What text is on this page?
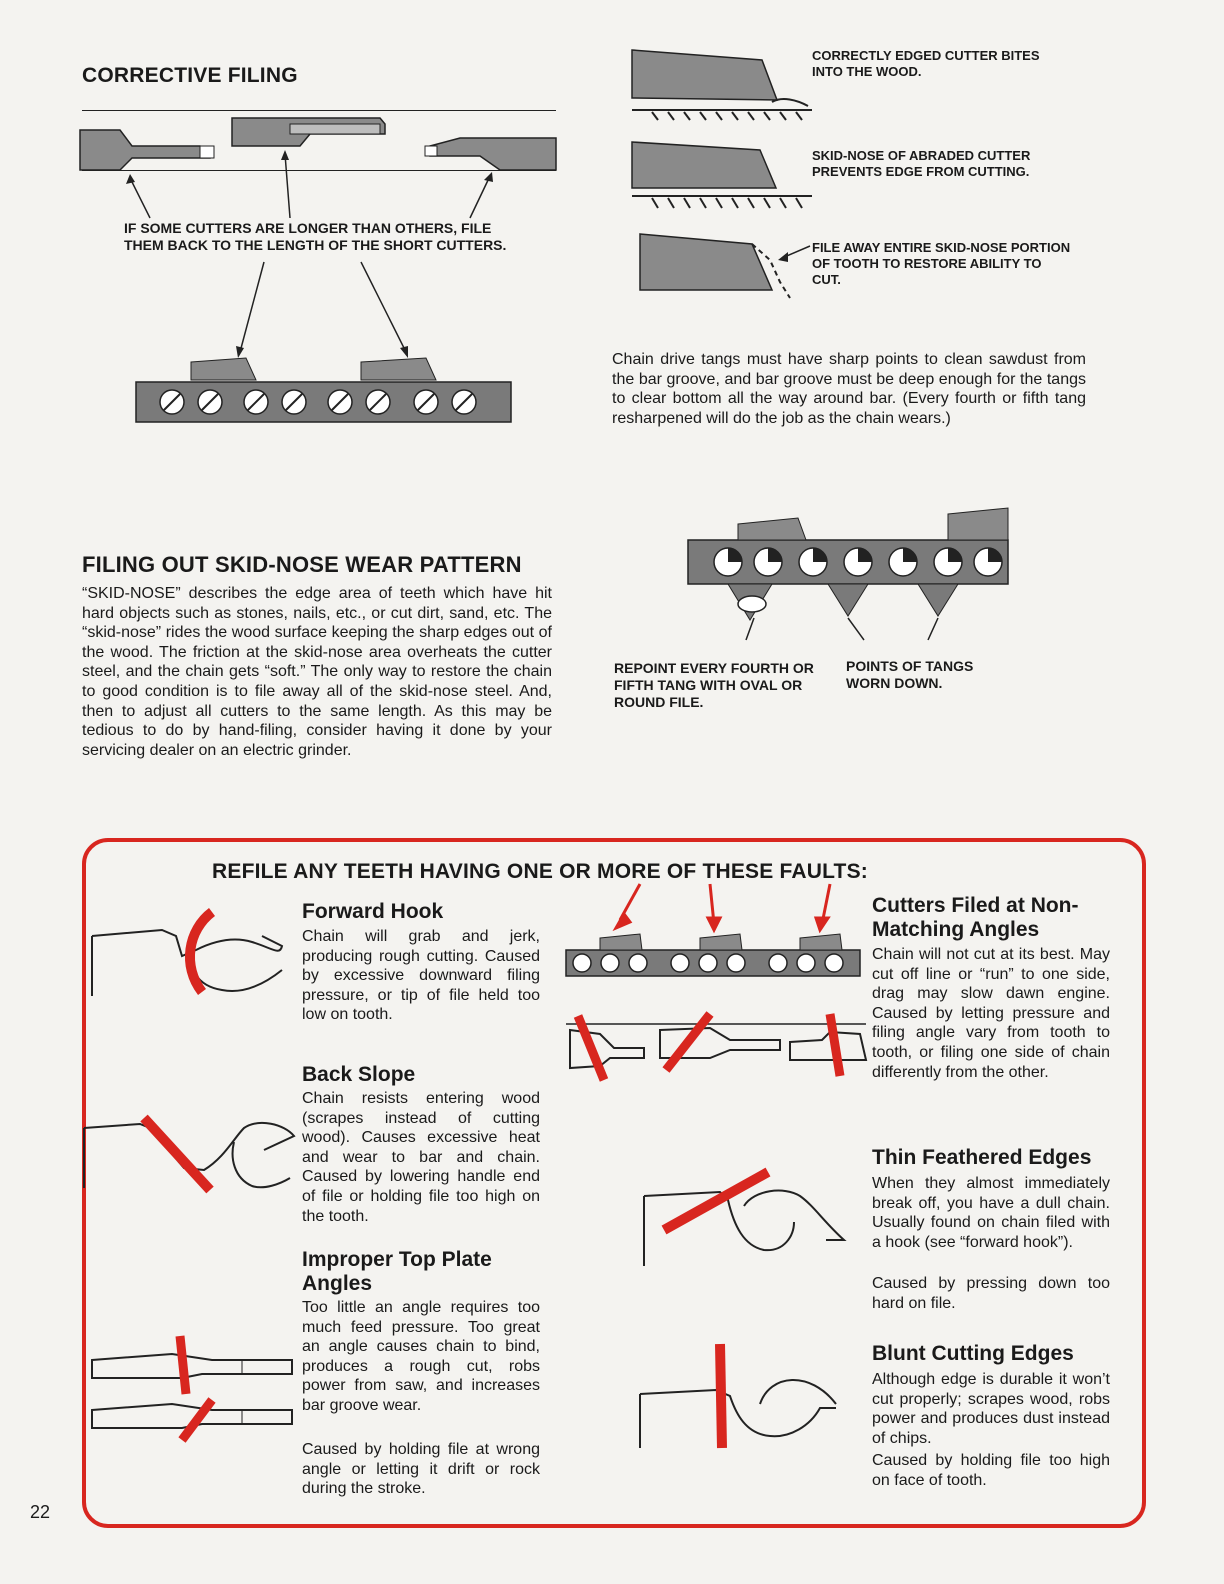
CORRECTIVE FILING
IF SOME CUTTERS ARE LONGER THAN OTHERS, FILE THEM BACK TO THE LENGTH OF THE SHORT CUTTERS.
FILING OUT SKID-NOSE WEAR PATTERN
“SKID-NOSE” describes the edge area of teeth which have hit hard objects such as stones, nails, etc., or cut dirt, sand, etc. The “skid-nose” rides the wood surface keeping the sharp edges out of the wood. The friction at the skid-nose area overheats the cutter steel, and the chain gets “soft.” The only way to restore the chain to good condition is to file away all of the skid-nose steel. And, then to adjust all cutters to the same length. As this may be tedious to do by hand-filing, consider having it done by your servicing dealer on an electric grinder.
CORRECTLY EDGED CUTTER BITES INTO THE WOOD.
SKID-NOSE OF ABRADED CUTTER PREVENTS EDGE FROM CUTTING.
FILE AWAY ENTIRE SKID-NOSE PORTION OF TOOTH TO RESTORE ABILITY TO CUT.
Chain drive tangs must have sharp points to clean sawdust from the bar groove, and bar groove must be deep enough for the tangs to clear bottom all the way around bar. (Every fourth or fifth tang resharpened will do the job as the chain wears.)
REPOINT EVERY FOURTH OR FIFTH TANG WITH OVAL OR ROUND FILE.
POINTS OF TANGS WORN DOWN.
REFILE ANY TEETH HAVING ONE OR MORE OF THESE FAULTS:
Forward Hook
Chain will grab and jerk, producing rough cutting. Caused by excessive downward filing pressure, or tip of file held too low on tooth.
Back Slope
Chain resists entering wood (scrapes instead of cutting wood). Causes excessive heat and wear to bar and chain. Caused by lowering handle end of file or holding file too high on the tooth.
Improper Top Plate Angles
Too little an angle requires too much feed pressure. Too great an angle causes chain to bind, produces a rough cut, robs power from saw, and increases bar groove wear.
Caused by holding file at wrong angle or letting it drift or rock during the stroke.
Cutters Filed at Non-Matching Angles
Chain will not cut at its best. May cut off line or “run” to one side, drag may slow dawn engine. Caused by letting pressure and filing angle vary from tooth to tooth, or filing one side of chain differently from the other.
Thin Feathered Edges
When they almost immediately break off, you have a dull chain. Usually found on chain filed with a hook (see “forward hook”).
Caused by pressing down too hard on file.
Blunt Cutting Edges
Although edge is durable it won’t cut properly; scrapes wood, robs power and produces dust instead of chips.
Caused by holding file too high on face of tooth.
22
